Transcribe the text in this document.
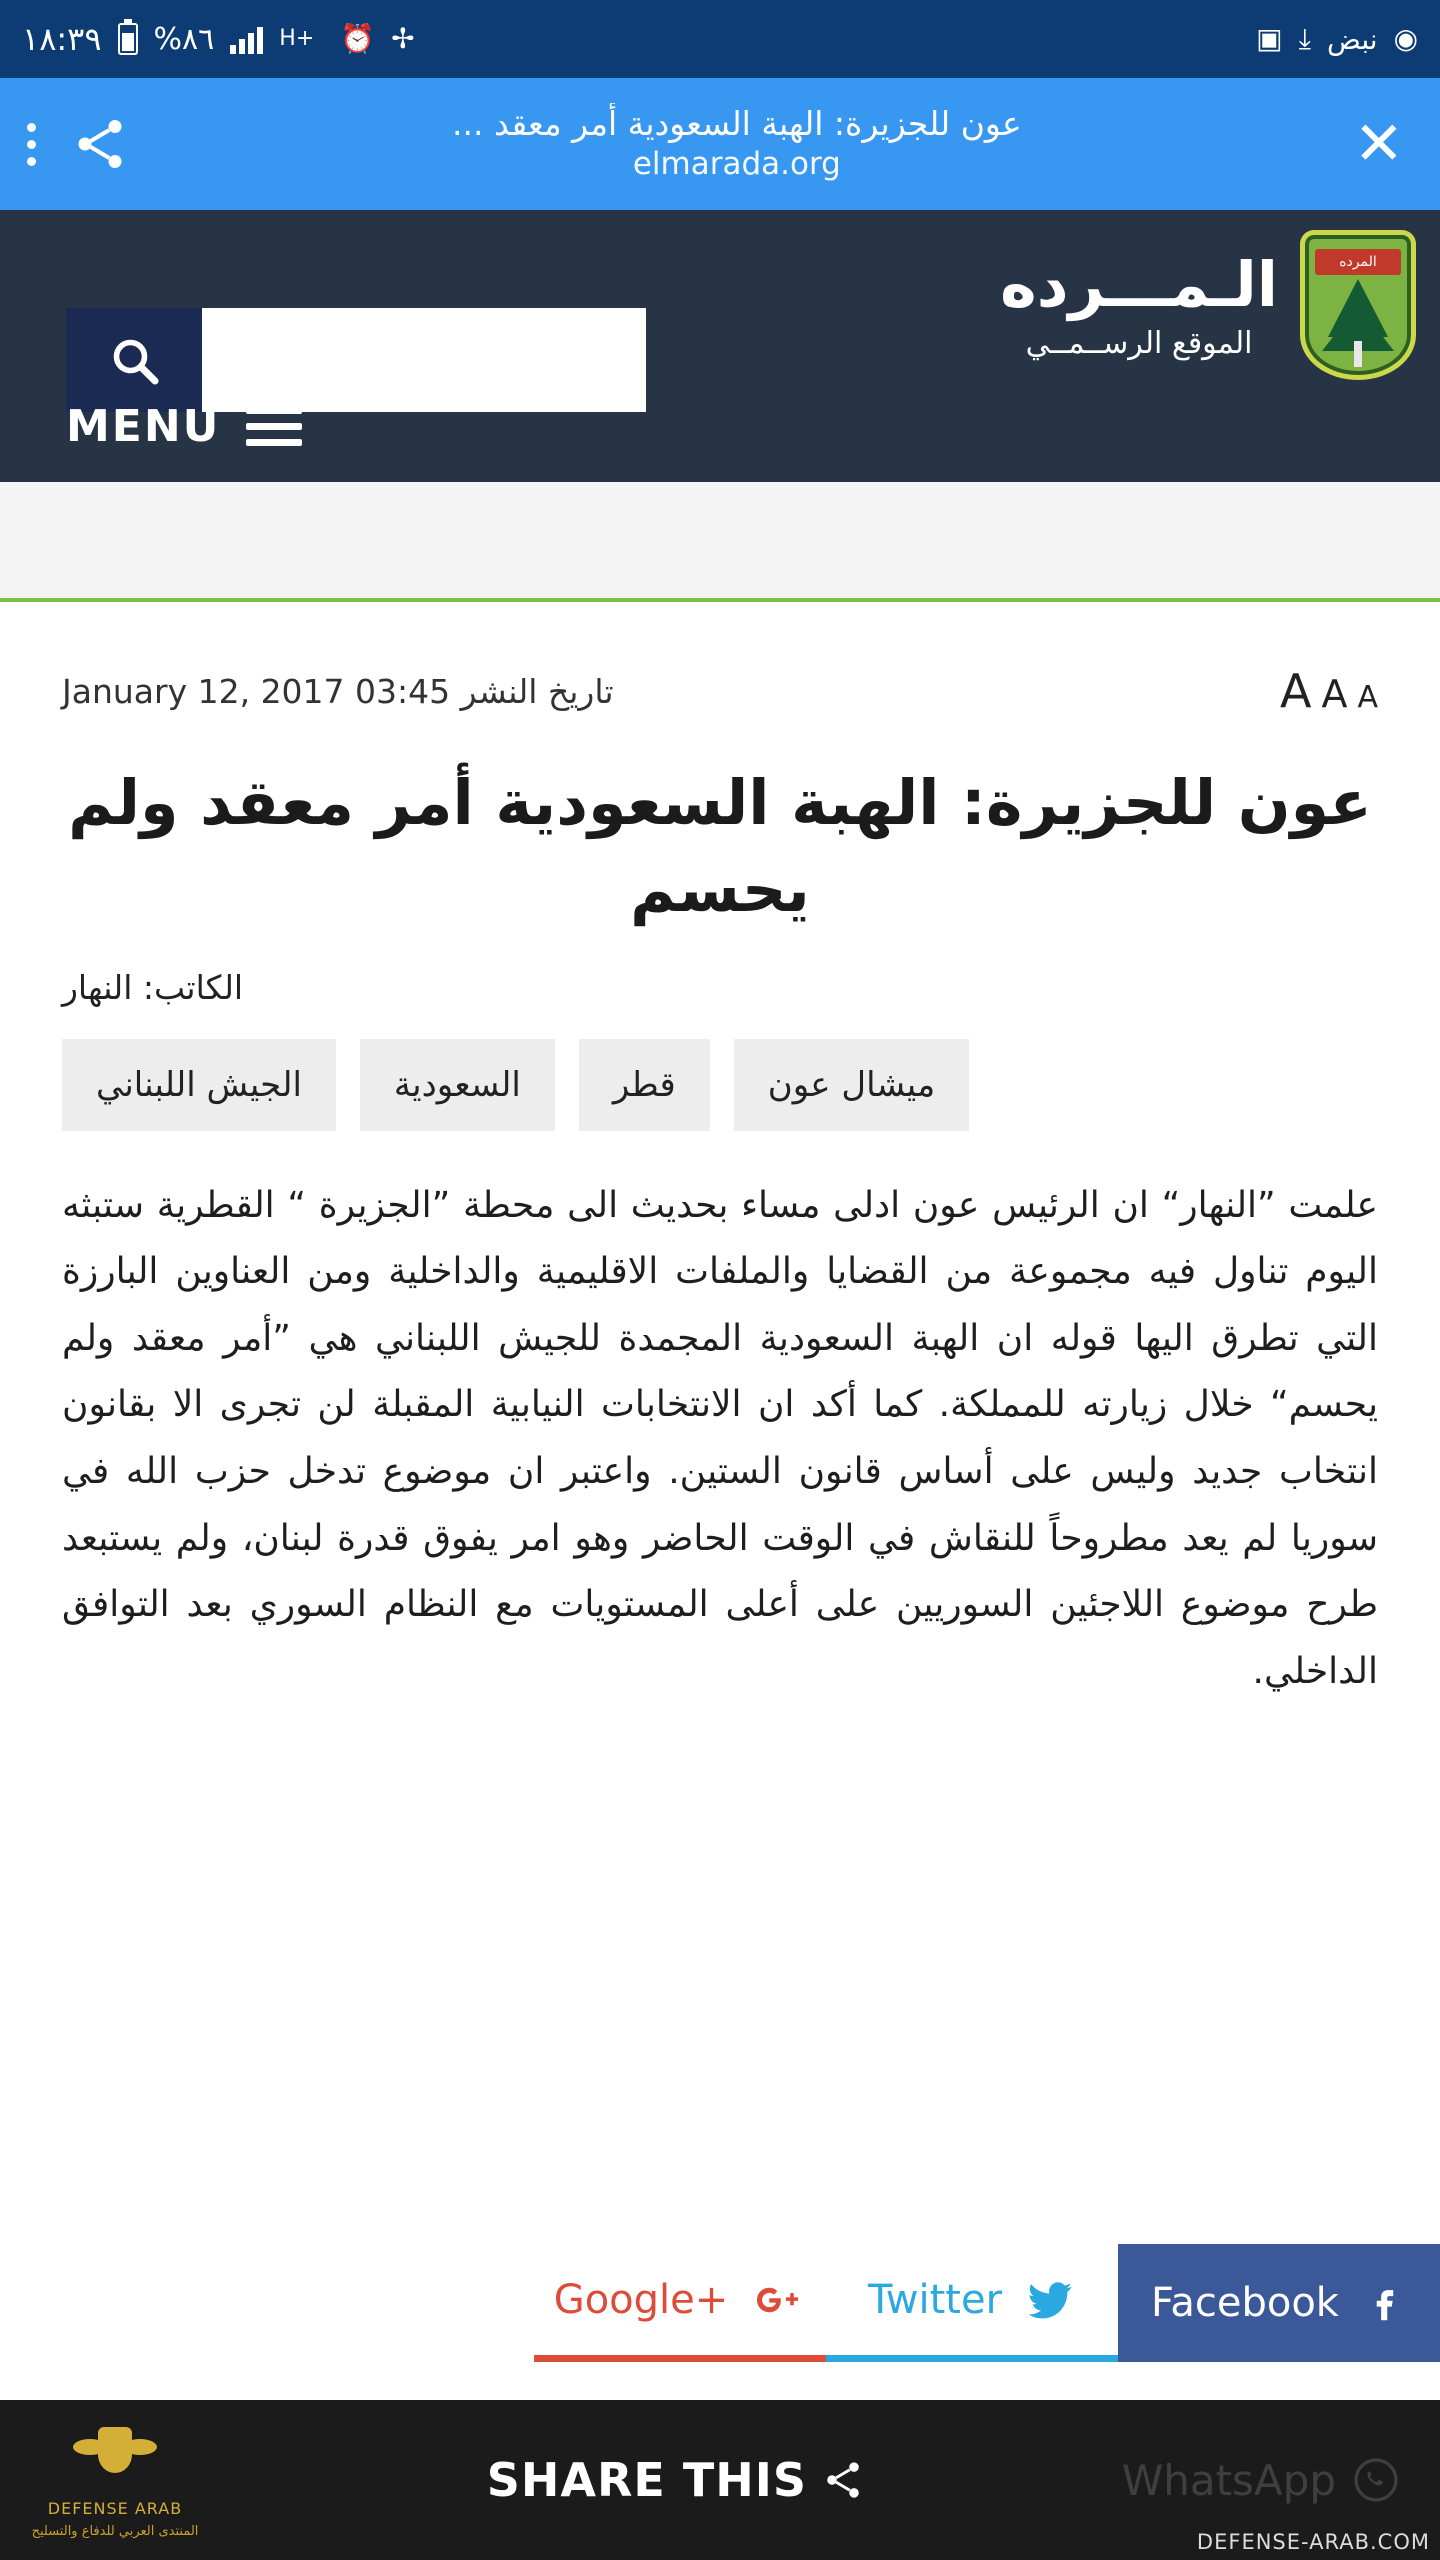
١٨:٣٩ %٨٦	H+ ⏰ ✢	▣ ⤓ نبض ◉
عون للجزيرة: الهبة السعودية أمر معقد ...
elmarada.org	✕
المرده
الـمـــرده
الموقع الرســمــي
MENU
A A A
تاريخ النشر January 12, 2017 03:45
عون للجزيرة: الهبة السعودية أمر معقد ولم يحسم
الكاتب: النهار
الجيش اللبناني	السعودية	قطر	ميشال عون

علمت ”النهار“ ان الرئيس عون ادلى مساء بحديث الى محطة ”الجزيرة “ القطرية ستبثه اليوم تناول فيه مجموعة من القضايا والملفات الاقليمية والداخلية ومن العناوين البارزة التي تطرق اليها قوله ان الهبة السعودية المجمدة للجيش اللبناني هي ”أمر معقد ولم يحسم“ خلال زيارته للمملكة. كما أكد ان الانتخابات النيابية المقبلة لن تجرى الا بقانون انتخاب جديد وليس على أساس قانون الستين. واعتبر ان موضوع تدخل حزب الله في سوريا لم يعد مطروحاً للنقاش في الوقت الحاضر وهو امر يفوق قدرة لبنان، ولم يستبعد طرح موضوع اللاجئين السوريين على أعلى المستويات مع النظام السوري بعد التوافق الداخلي.

Facebook
Twitter
Google+
DEFENSE ARAB
المنتدى العربي للدفاع والتسليح
SHARE THIS	WhatsApp
DEFENSE-ARAB.COM
